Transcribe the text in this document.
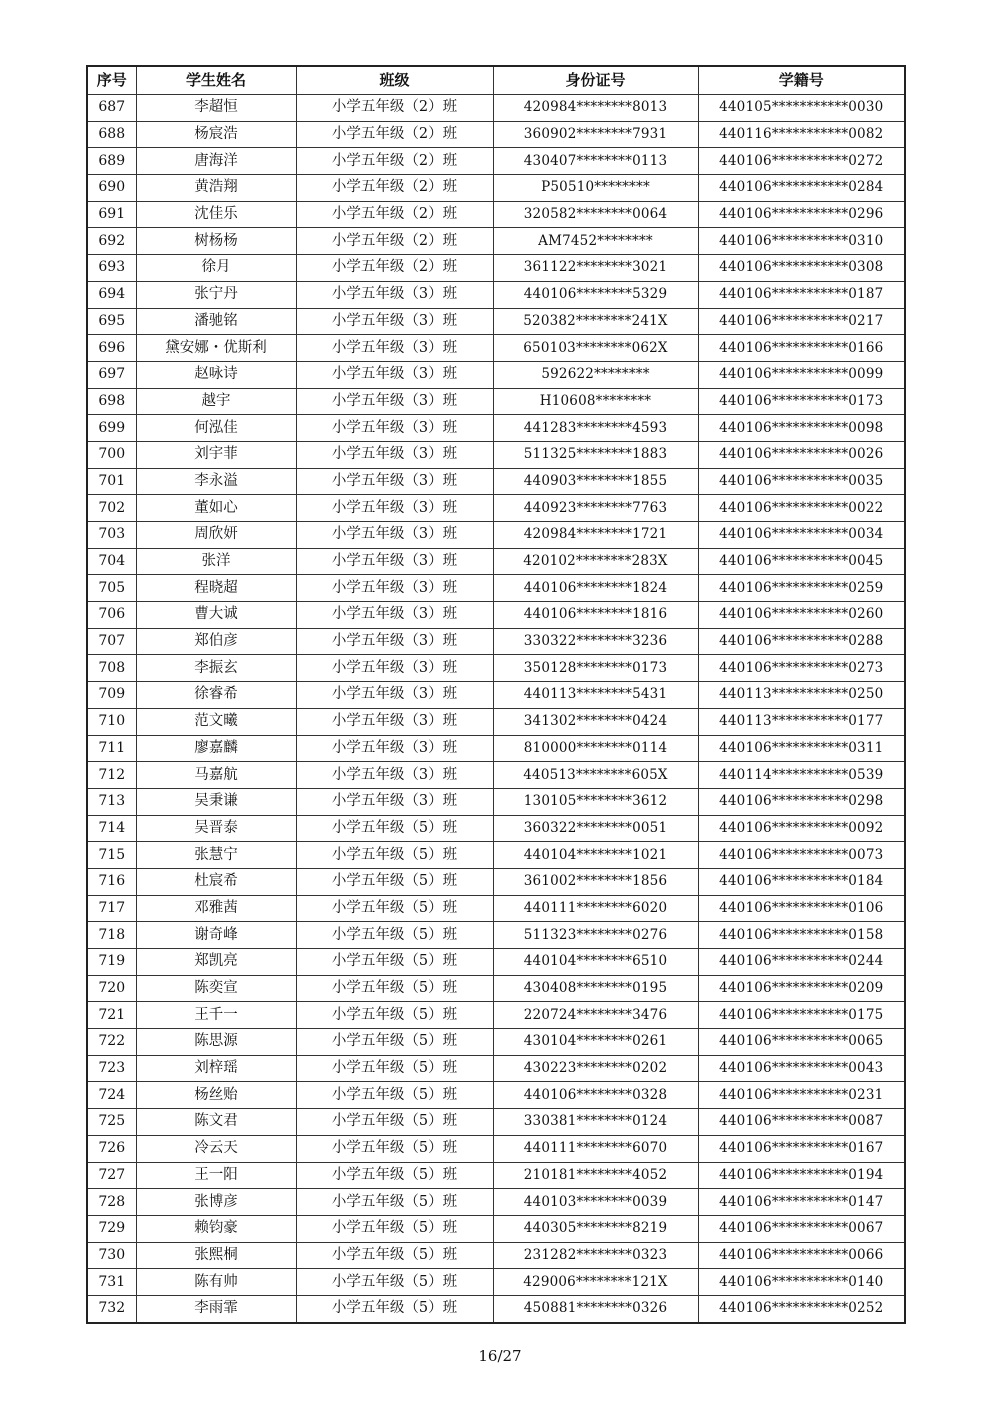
序号	学生姓名	班级	身份证号	学籍号
687	李超恒	小学五年级（2）班	420984********8013	440105***********0030
688	杨宸浩	小学五年级（2）班	360902********7931	440116***********0082
689	唐海洋	小学五年级（2）班	430407********0113	440106***********0272
690	黄浩翔	小学五年级（2）班	P50510********	440106***********0284
691	沈佳乐	小学五年级（2）班	320582********0064	440106***********0296
692	树杨杨	小学五年级（2）班	AM7452********	440106***********0310
693	徐月	小学五年级（2）班	361122********3021	440106***********0308
694	张宁丹	小学五年级（3）班	440106********5329	440106***********0187
695	潘驰铭	小学五年级（3）班	520382********241X	440106***********0217
696	黛安娜・优斯利	小学五年级（3）班	650103********062X	440106***********0166
697	赵咏诗	小学五年级（3）班	592622********	440106***********0099
698	越宇	小学五年级（3）班	H10608********	440106***********0173
699	何泓佳	小学五年级（3）班	441283********4593	440106***********0098
700	刘宇菲	小学五年级（3）班	511325********1883	440106***********0026
701	李永溢	小学五年级（3）班	440903********1855	440106***********0035
702	董如心	小学五年级（3）班	440923********7763	440106***********0022
703	周欣妍	小学五年级（3）班	420984********1721	440106***********0034
704	张洋	小学五年级（3）班	420102********283X	440106***********0045
705	程晓超	小学五年级（3）班	440106********1824	440106***********0259
706	曹大诚	小学五年级（3）班	440106********1816	440106***********0260
707	郑伯彦	小学五年级（3）班	330322********3236	440106***********0288
708	李振玄	小学五年级（3）班	350128********0173	440106***********0273
709	徐睿希	小学五年级（3）班	440113********5431	440113***********0250
710	范文曦	小学五年级（3）班	341302********0424	440113***********0177
711	廖嘉麟	小学五年级（3）班	810000********0114	440106***********0311
712	马嘉航	小学五年级（3）班	440513********605X	440114***********0539
713	吴秉谦	小学五年级（3）班	130105********3612	440106***********0298
714	吴晋泰	小学五年级（5）班	360322********0051	440106***********0092
715	张慧宁	小学五年级（5）班	440104********1021	440106***********0073
716	杜宸希	小学五年级（5）班	361002********1856	440106***********0184
717	邓雅茜	小学五年级（5）班	440111********6020	440106***********0106
718	谢奇峰	小学五年级（5）班	511323********0276	440106***********0158
719	郑凯亮	小学五年级（5）班	440104********6510	440106***********0244
720	陈奕宣	小学五年级（5）班	430408********0195	440106***********0209
721	王千一	小学五年级（5）班	220724********3476	440106***********0175
722	陈思源	小学五年级（5）班	430104********0261	440106***********0065
723	刘梓瑶	小学五年级（5）班	430223********0202	440106***********0043
724	杨丝贻	小学五年级（5）班	440106********0328	440106***********0231
725	陈文君	小学五年级（5）班	330381********0124	440106***********0087
726	冷云天	小学五年级（5）班	440111********6070	440106***********0167
727	王一阳	小学五年级（5）班	210181********4052	440106***********0194
728	张博彦	小学五年级（5）班	440103********0039	440106***********0147
729	赖钧豪	小学五年级（5）班	440305********8219	440106***********0067
730	张熙桐	小学五年级（5）班	231282********0323	440106***********0066
731	陈有帅	小学五年级（5）班	429006********121X	440106***********0140
732	李雨霏	小学五年级（5）班	450881********0326	440106***********0252
16/27
